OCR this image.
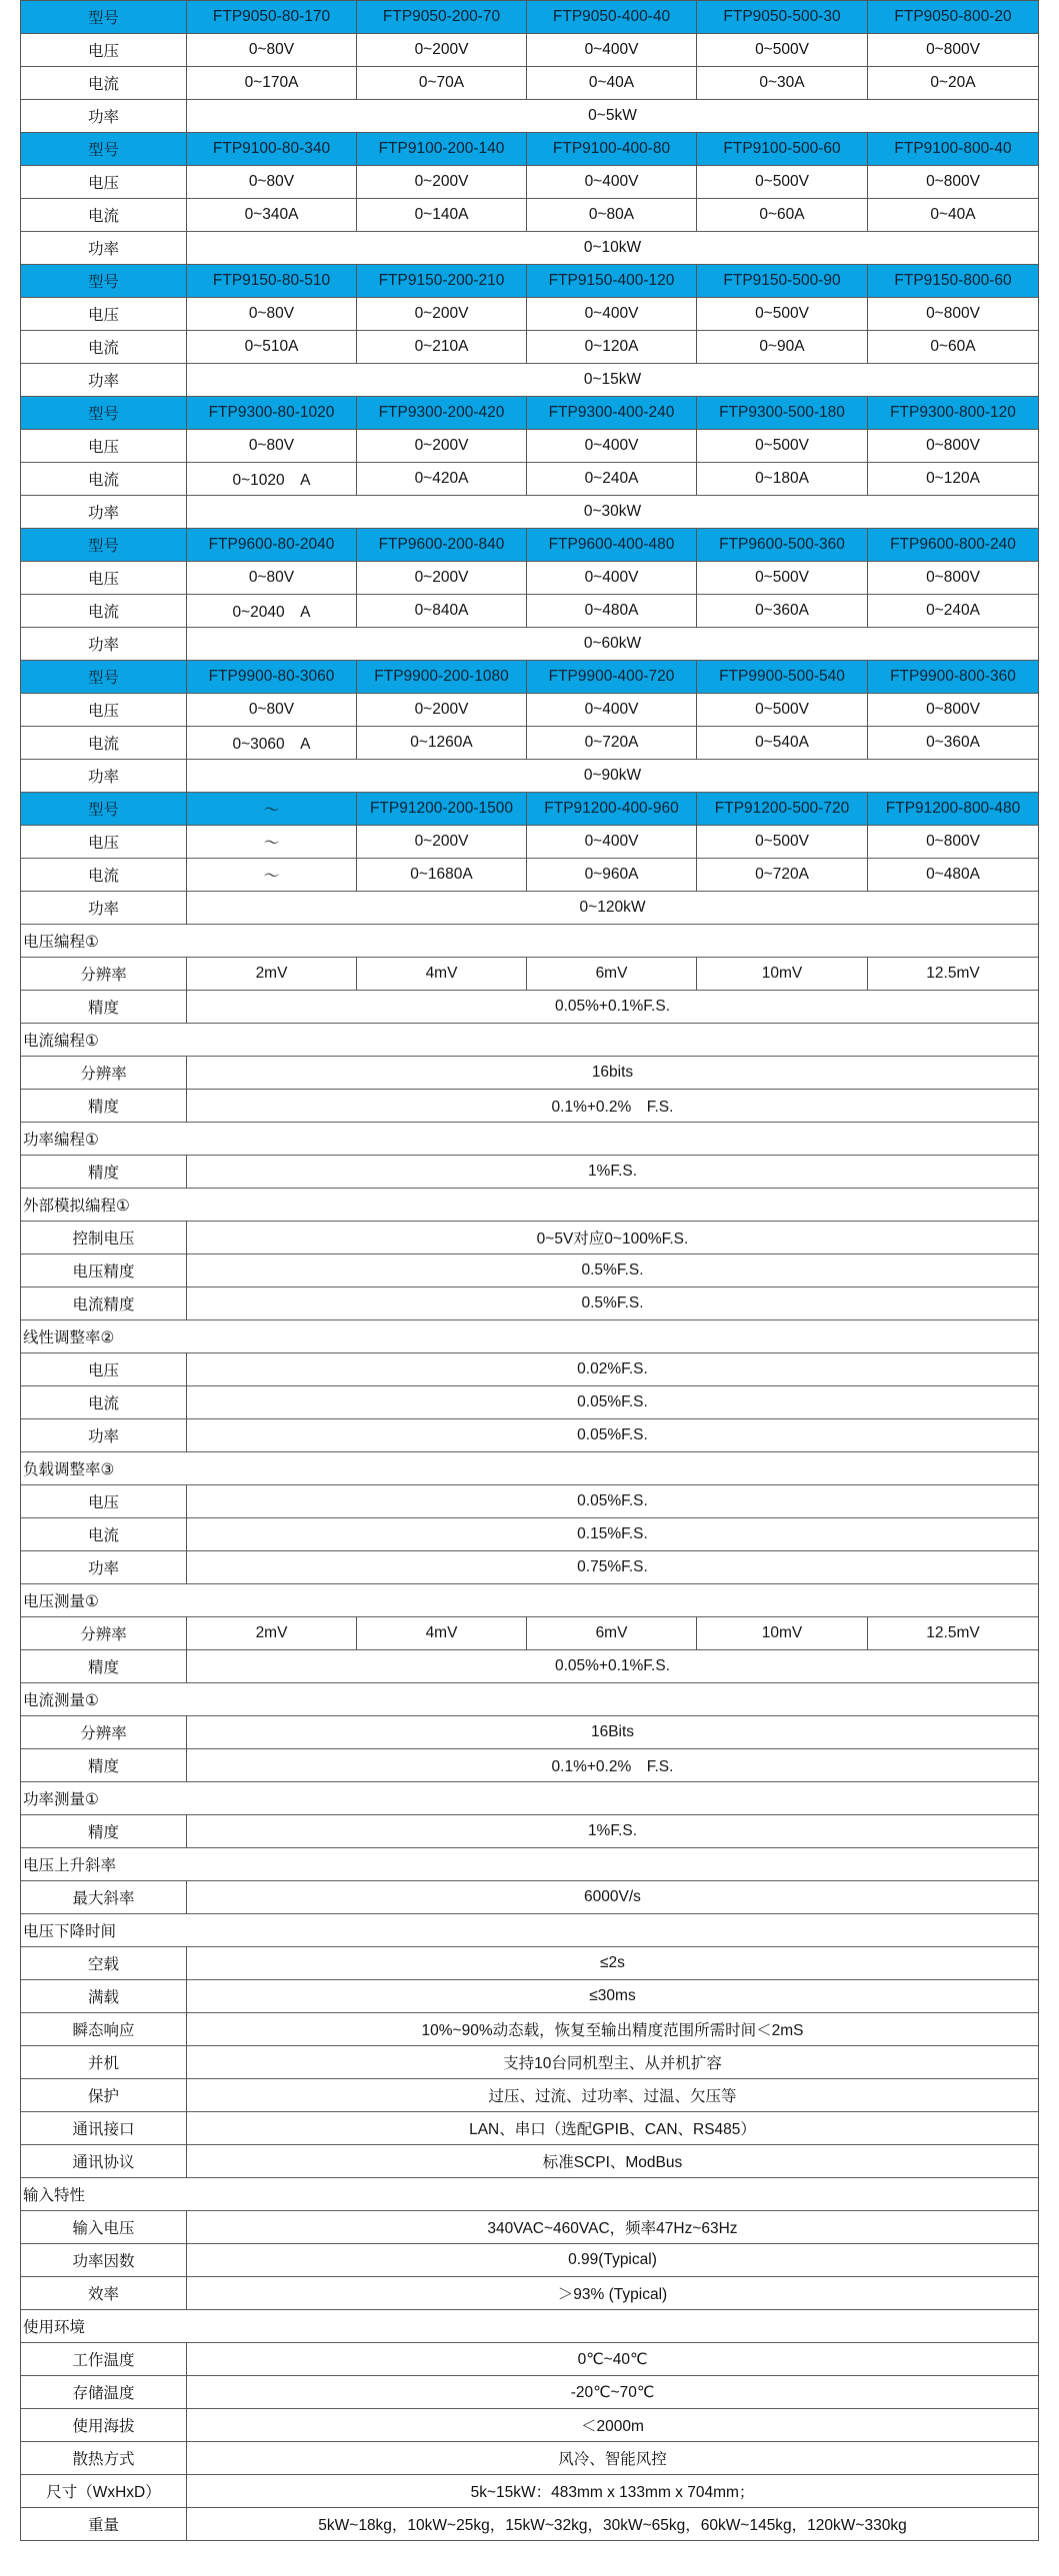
型号	FTP9050-80-170	FTP9050-200-70	FTP9050-400-40	FTP9050-500-30	FTP9050-800-20
电压	0~80V	0~200V	0~400V	0~500V	0~800V
电流	0~170A	0~70A	0~40A	0~30A	0~20A
功率	0~5kW				
型号	FTP9100-80-340	FTP9100-200-140	FTP9100-400-80	FTP9100-500-60	FTP9100-800-40
电压	0~80V	0~200V	0~400V	0~500V	0~800V
电流	0~340A	0~140A	0~80A	0~60A	0~40A
功率	0~10kW				
型号	FTP9150-80-510	FTP9150-200-210	FTP9150-400-120	FTP9150-500-90	FTP9150-800-60
电压	0~80V	0~200V	0~400V	0~500V	0~800V
电流	0~510A	0~210A	0~120A	0~90A	0~60A
功率	0~15kW				
型号	FTP9300-80-1020	FTP9300-200-420	FTP9300-400-240	FTP9300-500-180	FTP9300-800-120
电压	0~80V	0~200V	0~400V	0~500V	0~800V
电流	0~1020　A	0~420A	0~240A	0~180A	0~120A
功率	0~30kW				
型号	FTP9600-80-2040	FTP9600-200-840	FTP9600-400-480	FTP9600-500-360	FTP9600-800-240
电压	0~80V	0~200V	0~400V	0~500V	0~800V
电流	0~2040　A	0~840A	0~480A	0~360A	0~240A
功率	0~60kW				
型号	FTP9900-80-3060	FTP9900-200-1080	FTP9900-400-720	FTP9900-500-540	FTP9900-800-360
电压	0~80V	0~200V	0~400V	0~500V	0~800V
电流	0~3060　A	0~1260A	0~720A	0~540A	0~360A
功率	0~90kW				
型号	～	FTP91200-200-1500	FTP91200-400-960	FTP91200-500-720	FTP91200-800-480
电压	～	0~200V	0~400V	0~500V	0~800V
电流	～	0~1680A	0~960A	0~720A	0~480A
功率	0~120kW				
电压编程①					
分辨率	2mV	4mV	6mV	10mV	12.5mV
精度	0.05%+0.1%F.S.				
电流编程①					
分辨率	16bits				
精度	0.1%+0.2%　F.S.				
功率编程①					
精度	1%F.S.				
外部模拟编程①					
控制电压	0~5V对应0~100%F.S.				
电压精度	0.5%F.S.				
电流精度	0.5%F.S.				
线性调整率②					
电压	0.02%F.S.				
电流	0.05%F.S.				
功率	0.05%F.S.				
负载调整率③					
电压	0.05%F.S.				
电流	0.15%F.S.				
功率	0.75%F.S.				
电压测量①					
分辨率	2mV	4mV	6mV	10mV	12.5mV
精度	0.05%+0.1%F.S.				
电流测量①					
分辨率	16Bits				
精度	0.1%+0.2%　F.S.				
功率测量①					
精度	1%F.S.				
电压上升斜率					
最大斜率	6000V/s				
电压下降时间					
空载	≤2s				
满载	≤30ms				
瞬态响应	10%~90%动态载，恢复至输出精度范围所需时间＜2mS				
并机	支持10台同机型主、从并机扩容				
保护	过压、过流、过功率、过温、欠压等				
通讯接口	LAN、串口（选配GPIB、CAN、RS485）				
通讯协议	标准SCPI、ModBus				
输入特性					
输入电压	340VAC~460VAC，频率47Hz~63Hz				
功率因数	0.99(Typical)				
效率	＞93% (Typical)				
使用环境					
工作温度	0℃~40℃				
存储温度	-20℃~70℃				
使用海拔	＜2000m				
散热方式	风冷、智能风控				
尺寸（WxHxD）	5k~15kW：483mm x 133mm x 704mm；				
重量	5kW~18kg，10kW~25kg，15kW~32kg，30kW~65kg，60kW~145kg，120kW~330kg				
